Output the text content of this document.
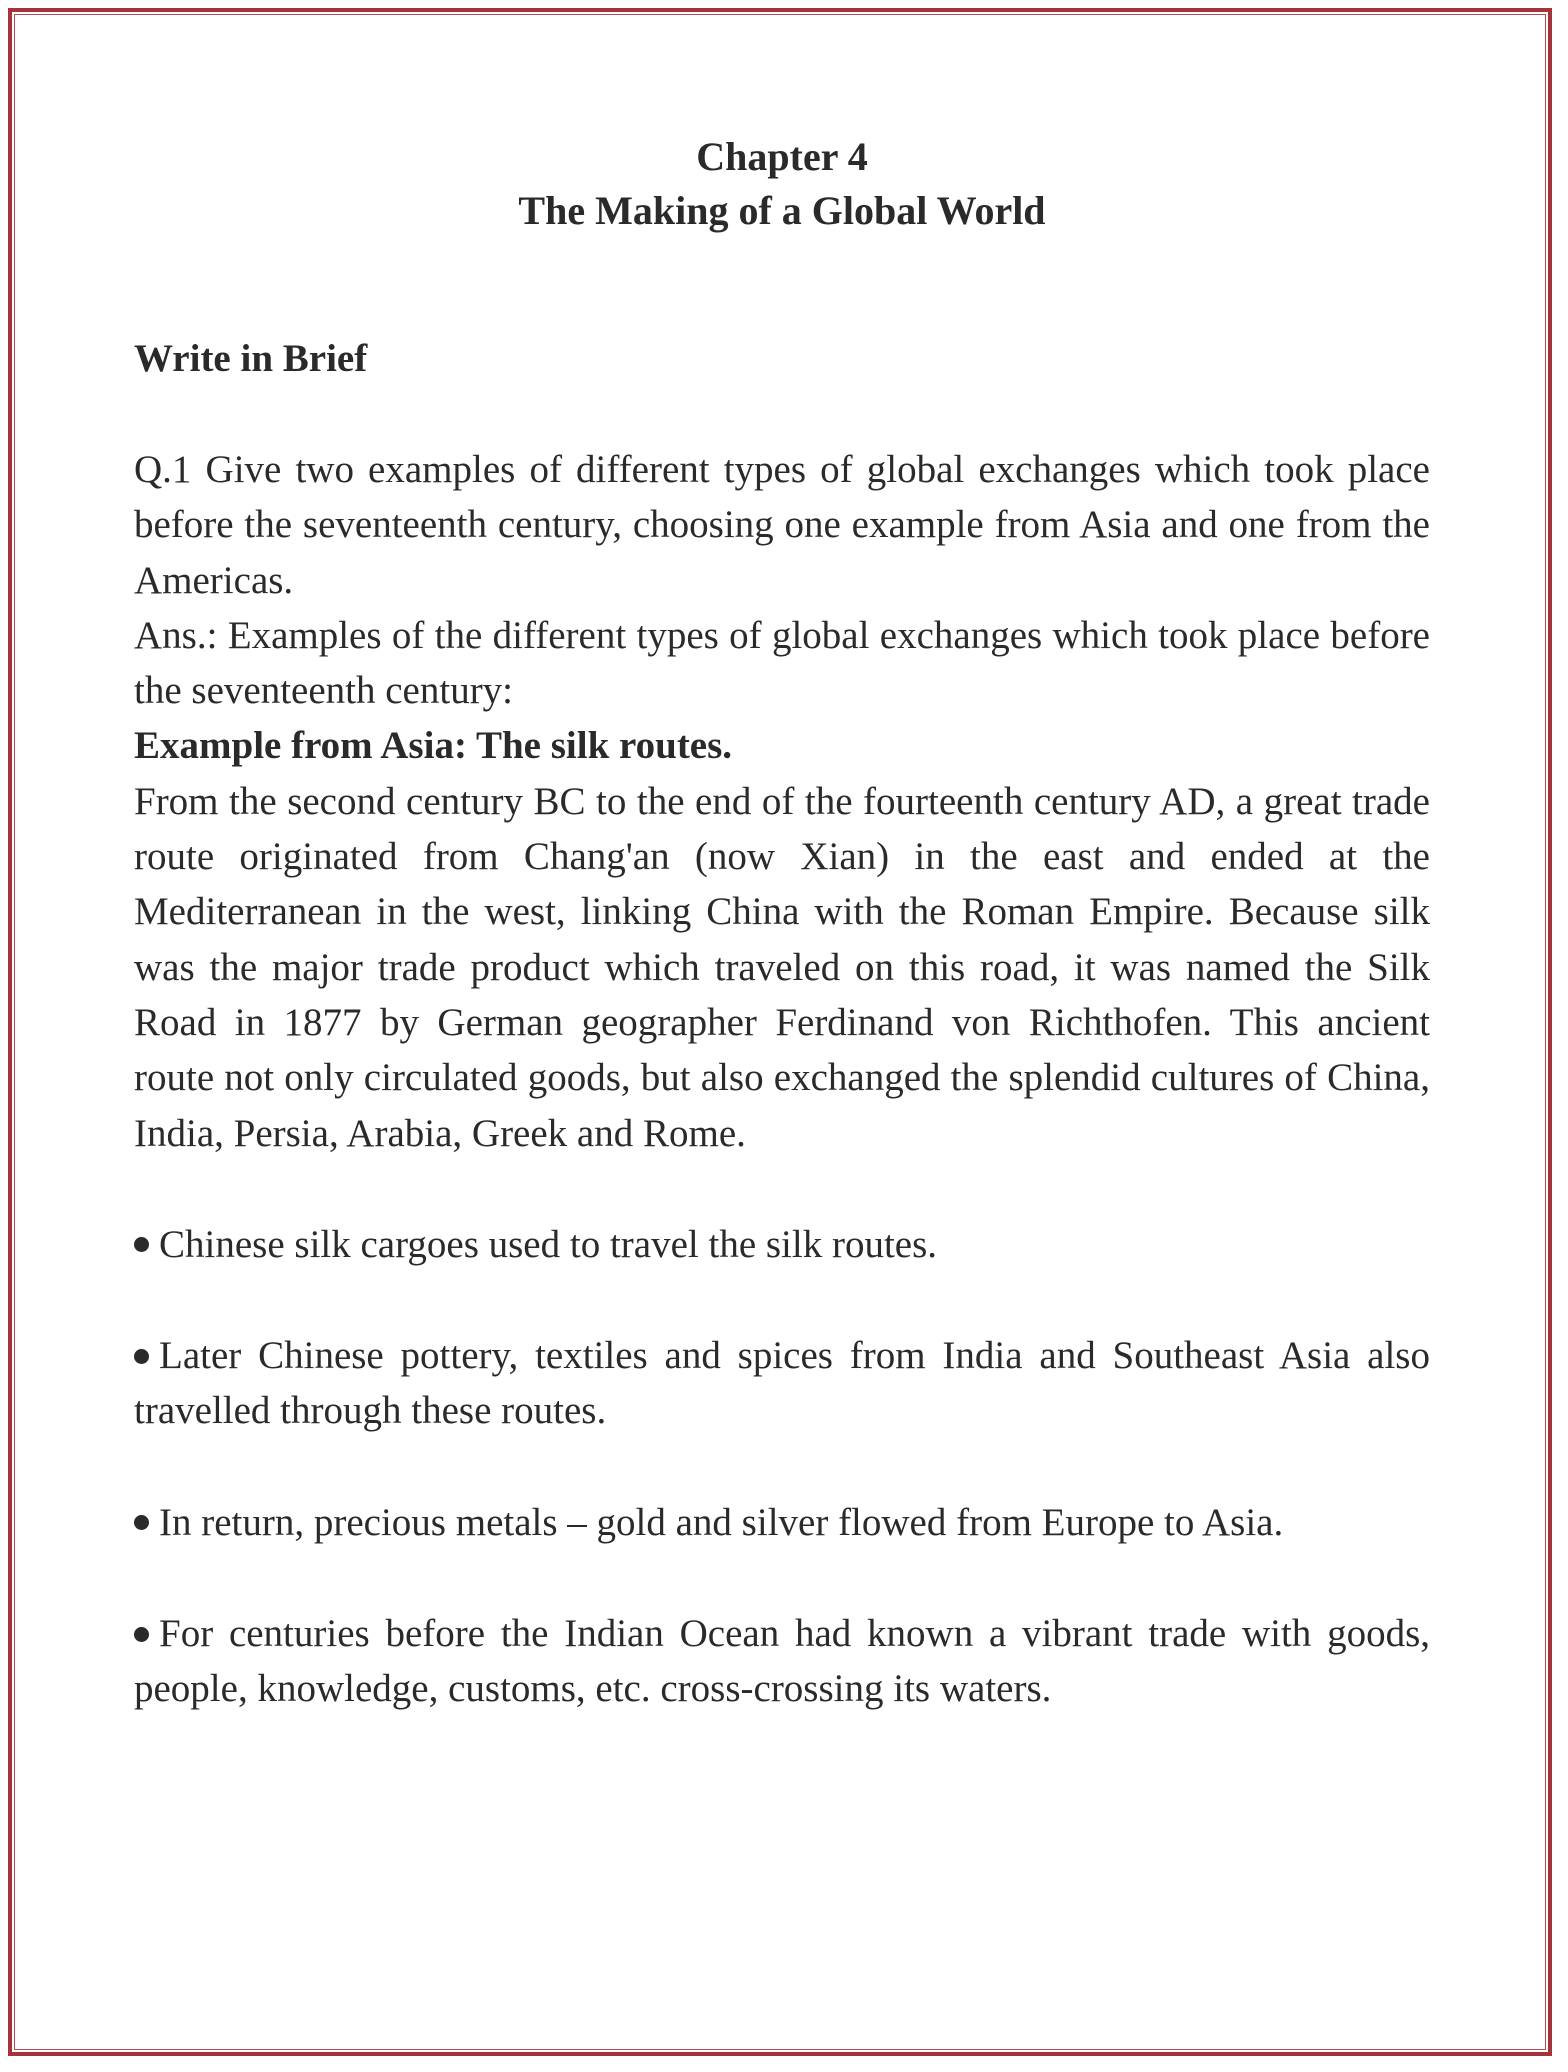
Chapter 4
The Making of a Global World
Write in Brief

Q.1 Give two examples of different types of global exchanges which took place before the seventeenth century, choosing one example from Asia and one from the Americas.

Ans.: Examples of the different types of global exchanges which took place before the seventeenth century:

Example from Asia: The silk routes.

From the second century BC to the end of the fourteenth century AD, a great trade route originated from Chang'an (now Xian) in the east and ended at the Mediterranean in the west, linking China with the Roman Empire. Because silk was the major trade product which traveled on this road, it was named the Silk Road in 1877 by German geographer Ferdinand von Richthofen. This ancient route not only circulated goods, but also exchanged the splendid cultures of China, India, Persia, Arabia, Greek and Rome.

Chinese silk cargoes used to travel the silk routes.

Later Chinese pottery, textiles and spices from India and Southeast Asia also travelled through these routes.

In return, precious metals – gold and silver flowed from Europe to Asia.

For centuries before the Indian Ocean had known a vibrant trade with goods, people, knowledge, customs, etc. cross-crossing its waters.
